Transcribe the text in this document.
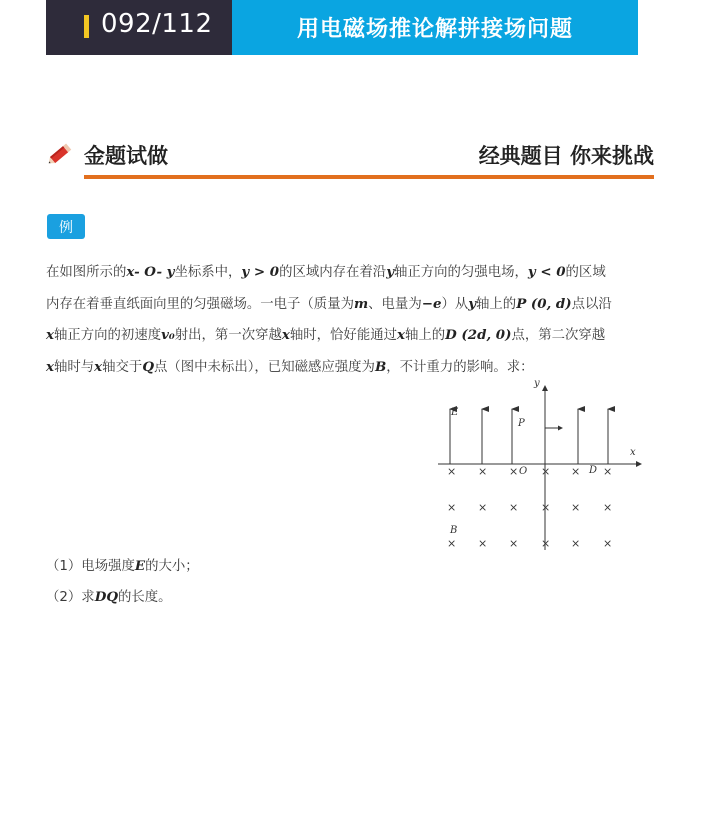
092/112	用电磁场推论解拼接场问题
金题试做	经典题目 你来挑战
例
在如图所示的x- O- y坐标系中，y > 0的区域内存在着沿y轴正方向的匀强电场，y < 0的区域
内存在着垂直纸面向里的匀强磁场。一电子（质量为m、电量为−e）从y轴上的P (0, d)点以沿
x轴正方向的初速度v₀射出，第一次穿越x轴时，恰好能通过x轴上的D (2d, 0)点，第二次穿越
x轴时与x轴交于Q点（图中未标出），已知磁感应强度为B，不计重力的影响。求：
x
y
E
P
× × × × × ×
× × × × × ×
× × × × × ×
O	D
B
（1）电场强度E的大小；
（2）求DQ的长度。
